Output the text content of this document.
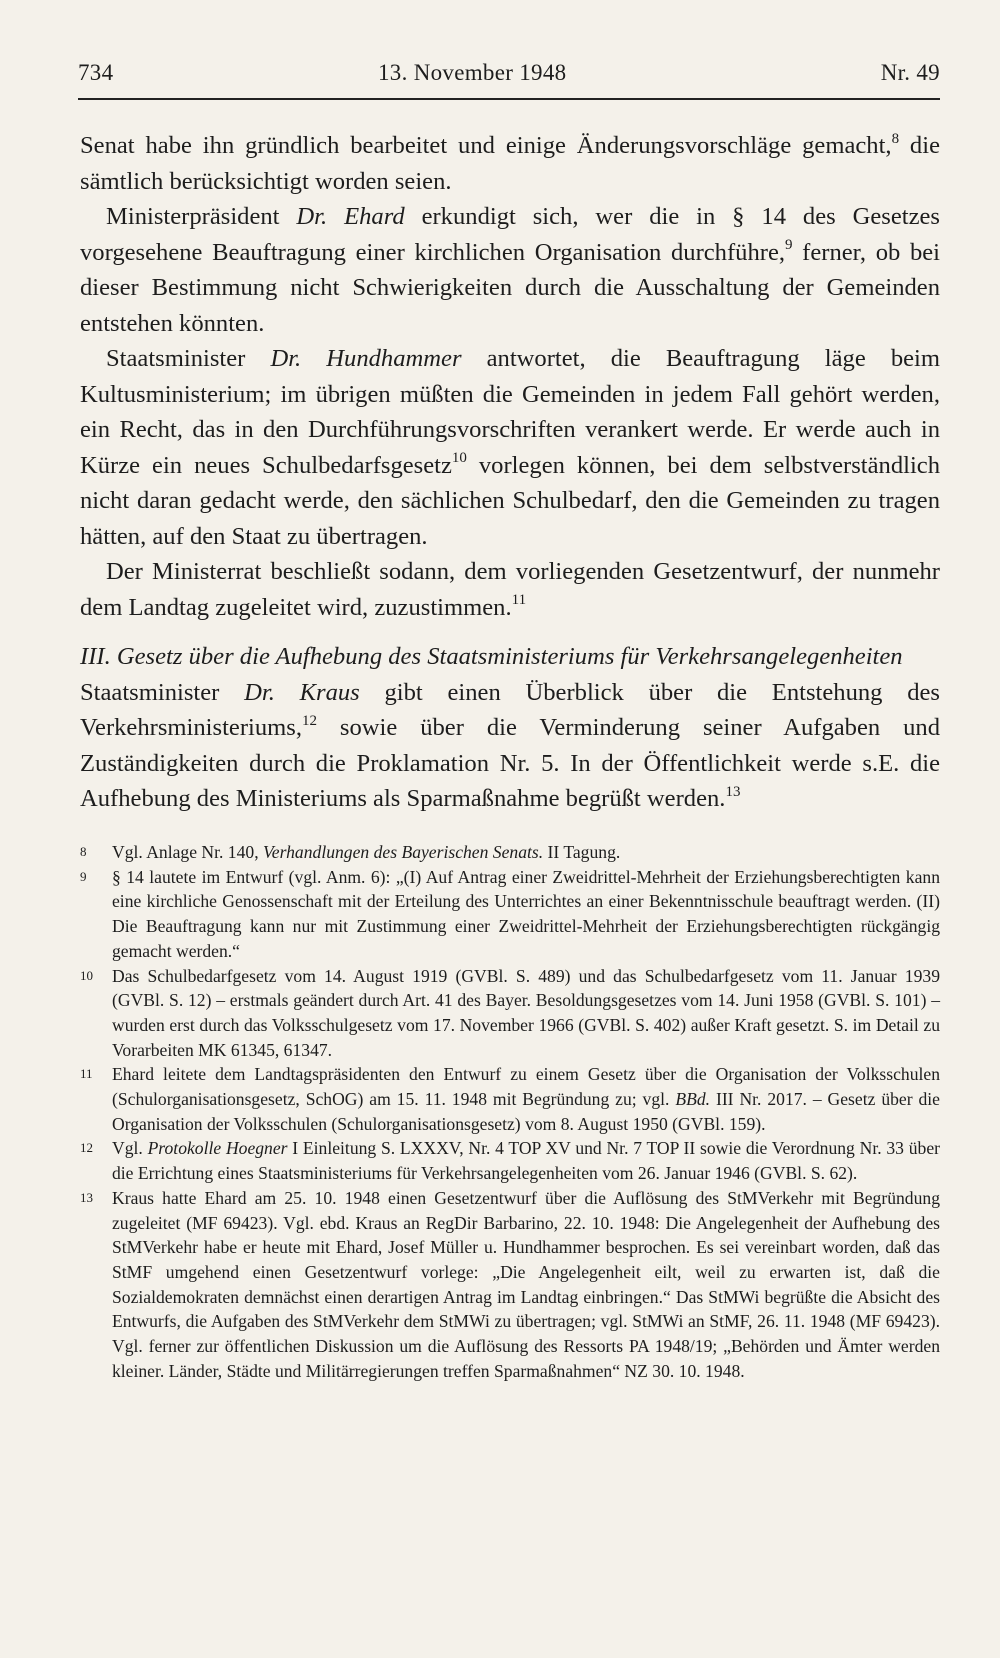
734	13. November 1948	Nr. 49

Senat habe ihn gründlich bearbeitet und einige Änderungsvorschläge gemacht,$^8$ die sämtlich berücksichtigt worden seien.

Ministerpräsident Dr. Ehard erkundigt sich, wer die in § 14 des Gesetzes vorgesehene Beauftragung einer kirchlichen Organisation durchführe,$^9$ ferner, ob bei dieser Bestimmung nicht Schwierigkeiten durch die Ausschaltung der Gemeinden entstehen könnten.

Staatsminister Dr. Hundhammer antwortet, die Beauftragung läge beim Kultusministerium; im übrigen müßten die Gemeinden in jedem Fall gehört werden, ein Recht, das in den Durchführungsvorschriften verankert werde. Er werde auch in Kürze ein neues Schulbedarfsgesetz$^{10}$ vorlegen können, bei dem selbstverständlich nicht daran gedacht werde, den sächlichen Schulbedarf, den die Gemeinden zu tragen hätten, auf den Staat zu übertragen.

Der Ministerrat beschließt sodann, dem vorliegenden Gesetzentwurf, der nunmehr dem Landtag zugeleitet wird, zuzustimmen.$^{11}$

III. Gesetz über die Aufhebung des Staatsministeriums für Verkehrsangelegenheiten

Staatsminister Dr. Kraus gibt einen Überblick über die Entstehung des Verkehrsministeriums,$^{12}$ sowie über die Verminderung seiner Aufgaben und Zuständigkeiten durch die Proklamation Nr. 5. In der Öffentlichkeit werde s.E. die Aufhebung des Ministeriums als Sparmaßnahme begrüßt werden.$^{13}$

8 Vgl. Anlage Nr. 140, Verhandlungen des Bayerischen Senats. II Tagung.
9 § 14 lautete im Entwurf (vgl. Anm. 6): „(I) Auf Antrag einer Zweidrittel-Mehrheit der Erziehungsberechtigten kann eine kirchliche Genossenschaft mit der Erteilung des Unterrichtes an einer Bekenntnisschule beauftragt werden. (II) Die Beauftragung kann nur mit Zustimmung einer Zweidrittel-Mehrheit der Erziehungsberechtigten rückgängig gemacht werden.“
10 Das Schulbedarfgesetz vom 14. August 1919 (GVBl. S. 489) und das Schulbedarfgesetz vom 11. Januar 1939 (GVBl. S. 12) – erstmals geändert durch Art. 41 des Bayer. Besoldungsgesetzes vom 14. Juni 1958 (GVBl. S. 101) – wurden erst durch das Volksschulgesetz vom 17. November 1966 (GVBl. S. 402) außer Kraft gesetzt. S. im Detail zu Vorarbeiten MK 61345, 61347.
11 Ehard leitete dem Landtagspräsidenten den Entwurf zu einem Gesetz über die Organisation der Volksschulen (Schulorganisationsgesetz, SchOG) am 15. 11. 1948 mit Begründung zu; vgl. BBd. III Nr. 2017. – Gesetz über die Organisation der Volksschulen (Schulorganisationsgesetz) vom 8. August 1950 (GVBl. 159).
12 Vgl. Protokolle Hoegner I Einleitung S. LXXXV, Nr. 4 TOP XV und Nr. 7 TOP II sowie die Verordnung Nr. 33 über die Errichtung eines Staatsministeriums für Verkehrsangelegenheiten vom 26. Januar 1946 (GVBl. S. 62).
13 Kraus hatte Ehard am 25. 10. 1948 einen Gesetzentwurf über die Auflösung des StMVerkehr mit Begründung zugeleitet (MF 69423). Vgl. ebd. Kraus an RegDir Barbarino, 22. 10. 1948: Die Angelegenheit der Aufhebung des StMVerkehr habe er heute mit Ehard, Josef Müller u. Hundhammer besprochen. Es sei vereinbart worden, daß das StMF umgehend einen Gesetzentwurf vorlege: „Die Angelegenheit eilt, weil zu erwarten ist, daß die Sozialdemokraten demnächst einen derartigen Antrag im Landtag einbringen.“ Das StMWi begrüßte die Absicht des Entwurfs, die Aufgaben des StMVerkehr dem StMWi zu übertragen; vgl. StMWi an StMF, 26. 11. 1948 (MF 69423). Vgl. ferner zur öffentlichen Diskussion um die Auflösung des Ressorts PA 1948/19; „Behörden und Ämter werden kleiner. Länder, Städte und Militärregierungen treffen Sparmaßnahmen“ NZ 30. 10. 1948.
